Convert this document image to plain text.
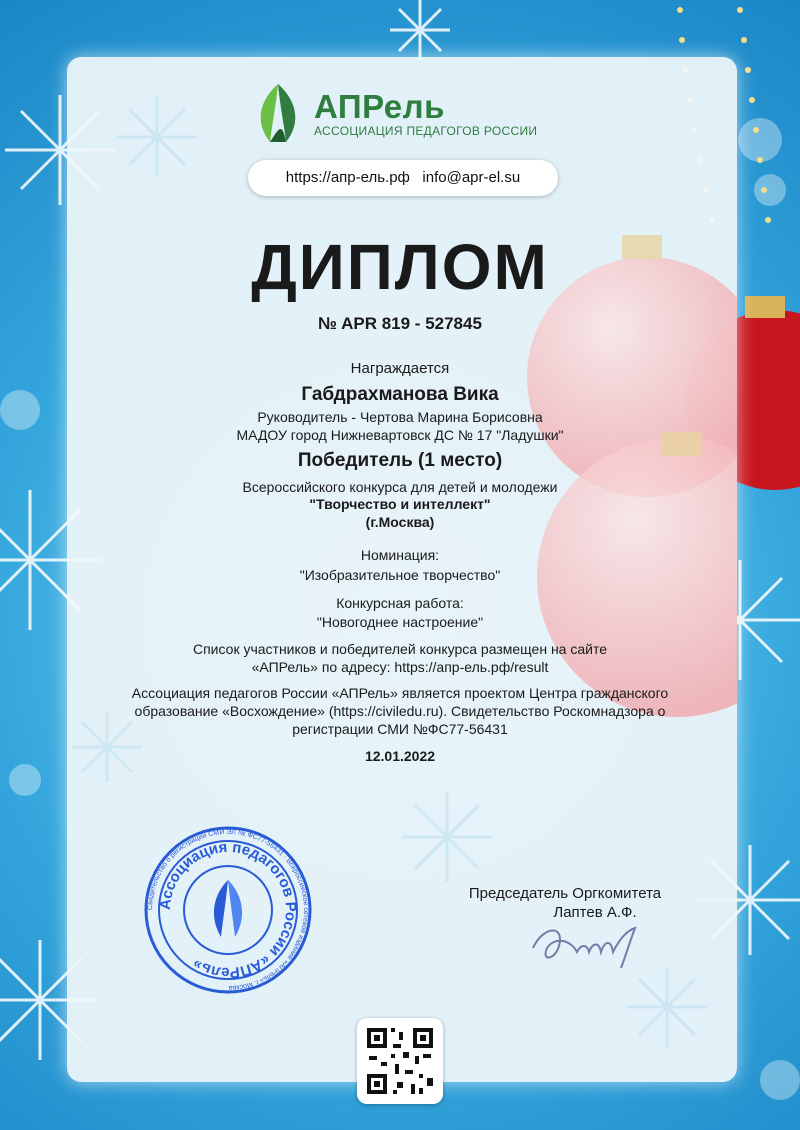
АПРель
АССОЦИАЦИЯ ПЕДАГОГОВ РОССИИ
https://апр-ель.рф info@apr-el.su
ДИПЛОМ
№ APR 819 - 527845
Награждается
Габдрахманова Вика
Руководитель - Чертова Марина Борисовна
МАДОУ город Нижневартовск ДС № 17 "Ладушки"
Победитель (1 место)
Всероссийского конкурса для детей и молодежи
"Творчество и интеллект"
(г.Москва)
Номинация:
"Изобразительное творчество"
Конкурсная работа:
"Новогоднее настроение"
Список участников и победителей конкурса размещен на сайте
«АПРель» по адресу: https://апр-ель.рф/result
Ассоциация педагогов России «АПРель» является проектом Центра гражданского
образование «Восхождение» (https://civiledu.ru). Свидетельство Роскомнадзора о
регистрации СМИ №ФС77-56431
12.01.2022
Свидетельство о регистрации СМИ ЭЛ № ФС77-56431 · Всероссийское сетевое издание «АПРель» г. Москва
Ассоциация педагогов России «АПРель»
Председатель Оргкомитета
Лаптев А.Ф.
